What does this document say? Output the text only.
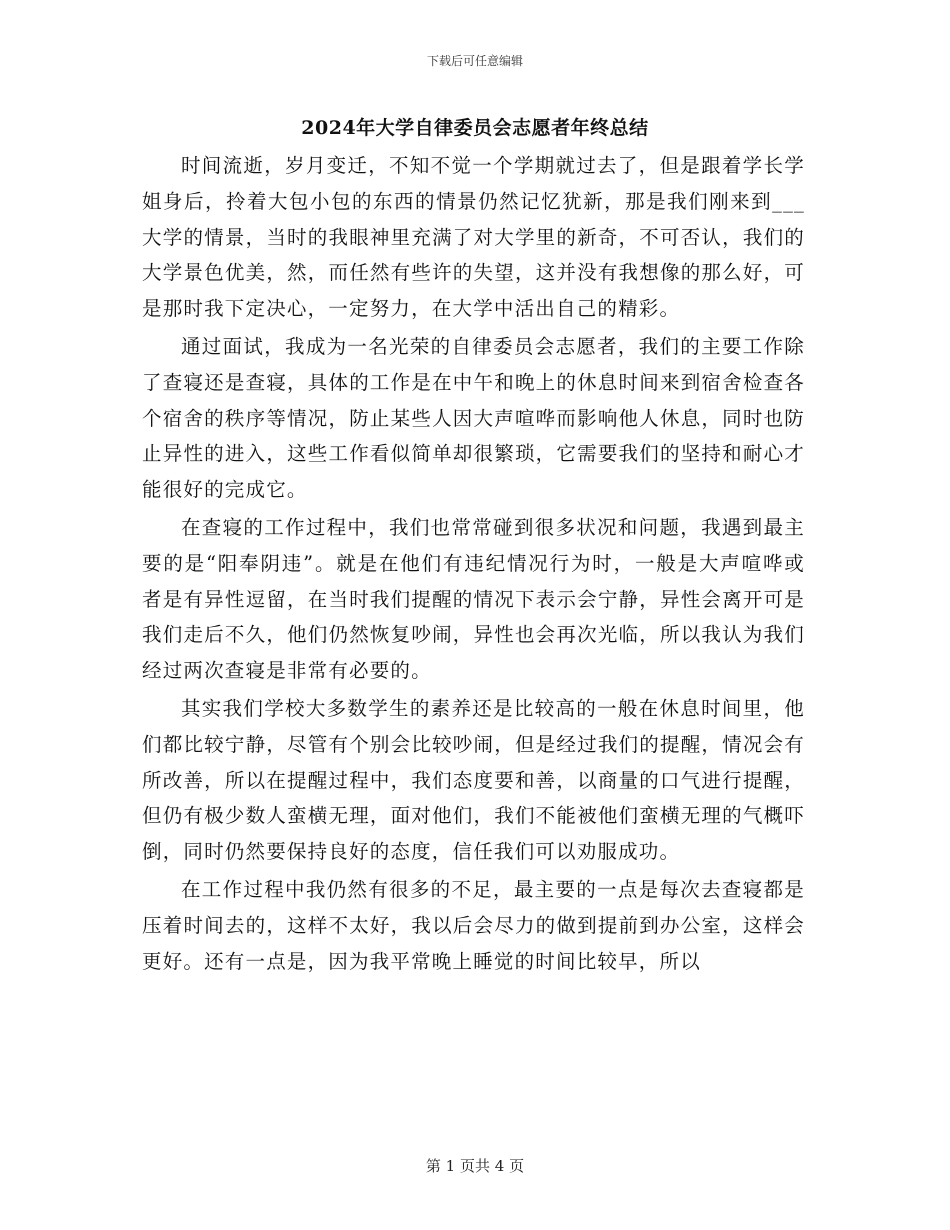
下载后可任意编辑
2024年大学自律委员会志愿者年终总结

时间流逝，岁月变迁，不知不觉一个学期就过去了，但是跟着学长学姐身后，拎着大包小包的东西的情景仍然记忆犹新，那是我们刚来到___大学的情景，当时的我眼神里充满了对大学里的新奇，不可否认，我们的大学景色优美，然，而任然有些许的失望，这并没有我想像的那么好，可是那时我下定决心，一定努力，在大学中活出自己的精彩。

通过面试，我成为一名光荣的自律委员会志愿者，我们的主要工作除了查寝还是查寝，具体的工作是在中午和晚上的休息时间来到宿舍检查各个宿舍的秩序等情况，防止某些人因大声喧哗而影响他人休息，同时也防止异性的进入，这些工作看似简单却很繁琐，它需要我们的坚持和耐心才能很好的完成它。

在查寝的工作过程中，我们也常常碰到很多状况和问题，我遇到最主要的是“阳奉阴违”。就是在他们有违纪情况行为时，一般是大声喧哗或者是有异性逗留，在当时我们提醒的情况下表示会宁静，异性会离开可是我们走后不久，他们仍然恢复吵闹，异性也会再次光临，所以我认为我们经过两次查寝是非常有必要的。

其实我们学校大多数学生的素养还是比较高的一般在休息时间里，他们都比较宁静，尽管有个别会比较吵闹，但是经过我们的提醒，情况会有所改善，所以在提醒过程中，我们态度要和善，以商量的口气进行提醒，但仍有极少数人蛮横无理，面对他们，我们不能被他们蛮横无理的气概吓倒，同时仍然要保持良好的态度，信任我们可以劝服成功。

在工作过程中我仍然有很多的不足，最主要的一点是每次去查寝都是压着时间去的，这样不太好，我以后会尽力的做到提前到办公室，这样会更好。还有一点是，因为我平常晚上睡觉的时间比较早，所以

第 1 页共 4 页
